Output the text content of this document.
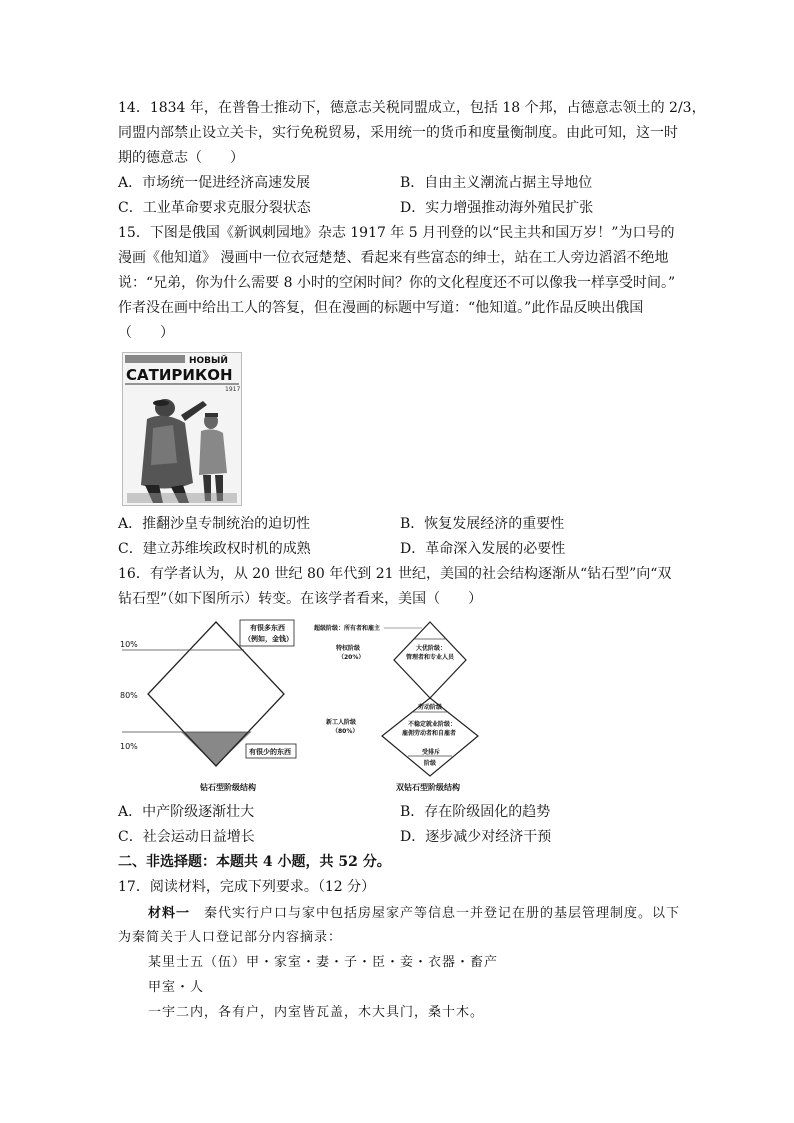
14．1834 年，在普鲁士推动下，德意志关税同盟成立，包括 18 个邦，占德意志领土的 2/3，
同盟内部禁止设立关卡，实行免税贸易，采用统一的货币和度量衡制度。由此可知，这一时
期的德意志（　　）
A．市场统一促进经济高速发展	B．自由主义潮流占据主导地位
C．工业革命要求克服分裂状态	D．实力增强推动海外殖民扩张
15．下图是俄国《新讽刺园地》杂志 1917 年 5 月刊登的以“民主共和国万岁！”为口号的
漫画《他知道》 漫画中一位衣冠楚楚、看起来有些富态的绅士，站在工人旁边滔滔不绝地
说：“兄弟，你为什么需要 8 小时的空闲时间？你的文化程度还不可以像我一样享受时间。”
作者没在画中给出工人的答复，但在漫画的标题中写道：“他知道。”此作品反映出俄国
（　　）
НОВЫЙ
САТИРИКОН
1917
A．推翻沙皇专制统治的迫切性	B．恢复发展经济的重要性
C．建立苏维埃政权时机的成熟	D．革命深入发展的必要性
16．有学者认为，从 20 世纪 80 年代到 21 世纪，美国的社会结构逐渐从“钻石型”向“双
钻石型”（如下图所示）转变。在该学者看来，美国（　　）
10%
80%
10%
有很多东西
（例如，金钱）
有很少的东西
钻石型阶级结构
超级阶级：所有者和雇主
特权阶级
（20%）
大优阶级：
管理者和专业人员
劳动阶级
新工人阶级
（80%）
不稳定就业阶级：
雇佣劳动者和自雇者
受排斥
阶级
双钻石型阶级结构
A．中产阶级逐渐壮大	B．存在阶级固化的趋势
C．社会运动日益增长	D．逐步减少对经济干预
二、非选择题：本题共 4 小题，共 52 分。
17．阅读材料，完成下列要求。（12 分）
材料一　秦代实行户口与家中包括房屋家产等信息一并登记在册的基层管理制度。以下
为秦简关于人口登记部分内容摘录：
某里士五（伍）甲・家室・妻・子・臣・妾・衣器・畜产
甲室・人
一宇二内，各有户，内室皆瓦盖，木大具门，桑十木。
